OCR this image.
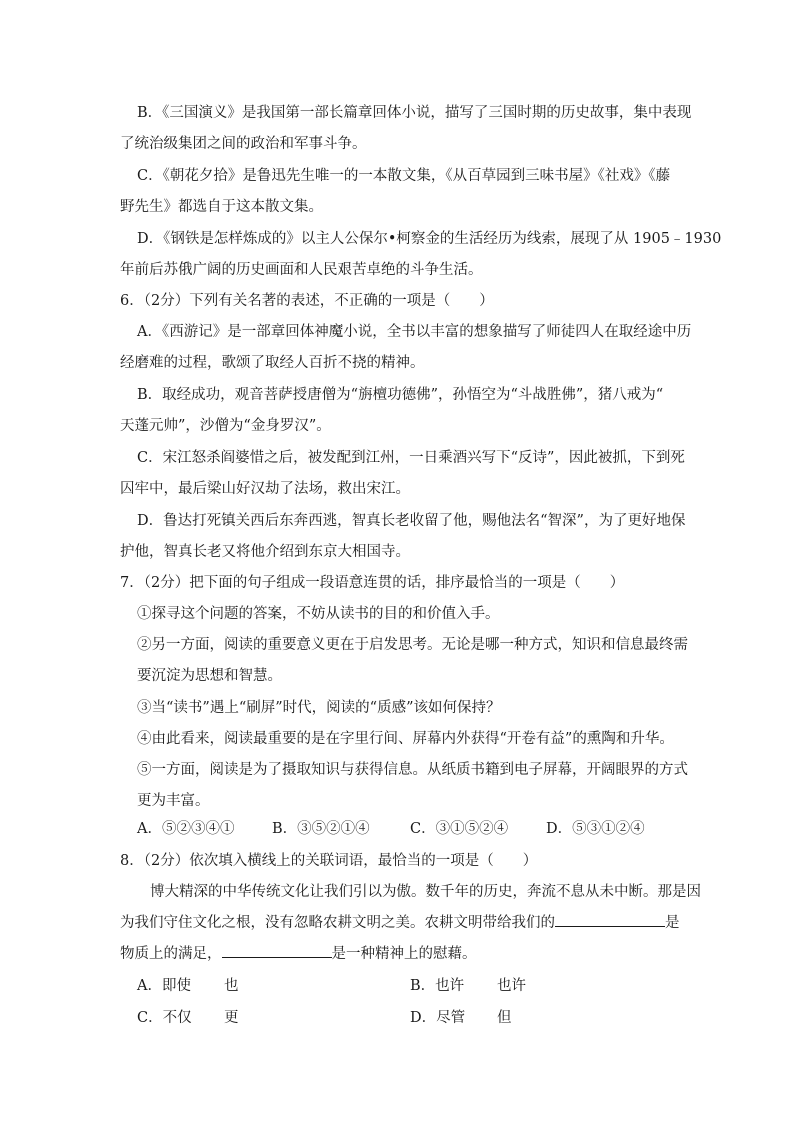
B．《三国演义》是我国第一部长篇章回体小说，描写了三国时期的历史故事，集中表现
了统治级集团之间的政治和军事斗争。
C．《朝花夕拾》是鲁迅先生唯一的一本散文集，《从百草园到三味书屋》《社戏》《藤
野先生》都选自于这本散文集。
D．《钢铁是怎样炼成的》以主人公保尔•柯察金的生活经历为线索，展现了从 1905﹣1930
年前后苏俄广阔的历史画面和人民艰苦卓绝的斗争生活。
6．（2分）下列有关名著的表述，不正确的一项是（　　）
A．《西游记》是一部章回体神魔小说，全书以丰富的想象描写了师徒四人在取经途中历
经磨难的过程，歌颂了取经人百折不挠的精神。
B．取经成功，观音菩萨授唐僧为“旃檀功德佛”，孙悟空为“斗战胜佛”，猪八戒为“
天蓬元帅”，沙僧为“金身罗汉”。
C．宋江怒杀阎婆惜之后，被发配到江州，一日乘酒兴写下“反诗”，因此被抓，下到死
囚牢中，最后梁山好汉劫了法场，救出宋江。
D．鲁达打死镇关西后东奔西逃，智真长老收留了他，赐他法名“智深”，为了更好地保
护他，智真长老又将他介绍到东京大相国寺。
7．（2分）把下面的句子组成一段语意连贯的话，排序最恰当的一项是（　　）
①探寻这个问题的答案，不妨从读书的目的和价值入手。
②另一方面，阅读的重要意义更在于启发思考。无论是哪一种方式，知识和信息最终需
要沉淀为思想和智慧。
③当“读书”遇上“刷屏”时代，阅读的“质感”该如何保持？
④由此看来，阅读最重要的是在字里行间、屏幕内外获得“开卷有益”的熏陶和升华。
⑤一方面，阅读是为了摄取知识与获得信息。从纸质书籍到电子屏幕，开阔眼界的方式
更为丰富。
A．⑤②③④①	B．③⑤②①④	C．③①⑤②④	D．⑤③①②④
8．（2分）依次填入横线上的关联词语，最恰当的一项是（　　）
博大精深的中华传统文化让我们引以为傲。数千年的历史，奔流不息从未中断。那是因
为我们守住文化之根，没有忽略农耕文明之美。农耕文明带给我们的	是
物质上的满足，	是一种精神上的慰藉。
A．即使 也	B．也许 也许
C．不仅 更	D．尽管 但
